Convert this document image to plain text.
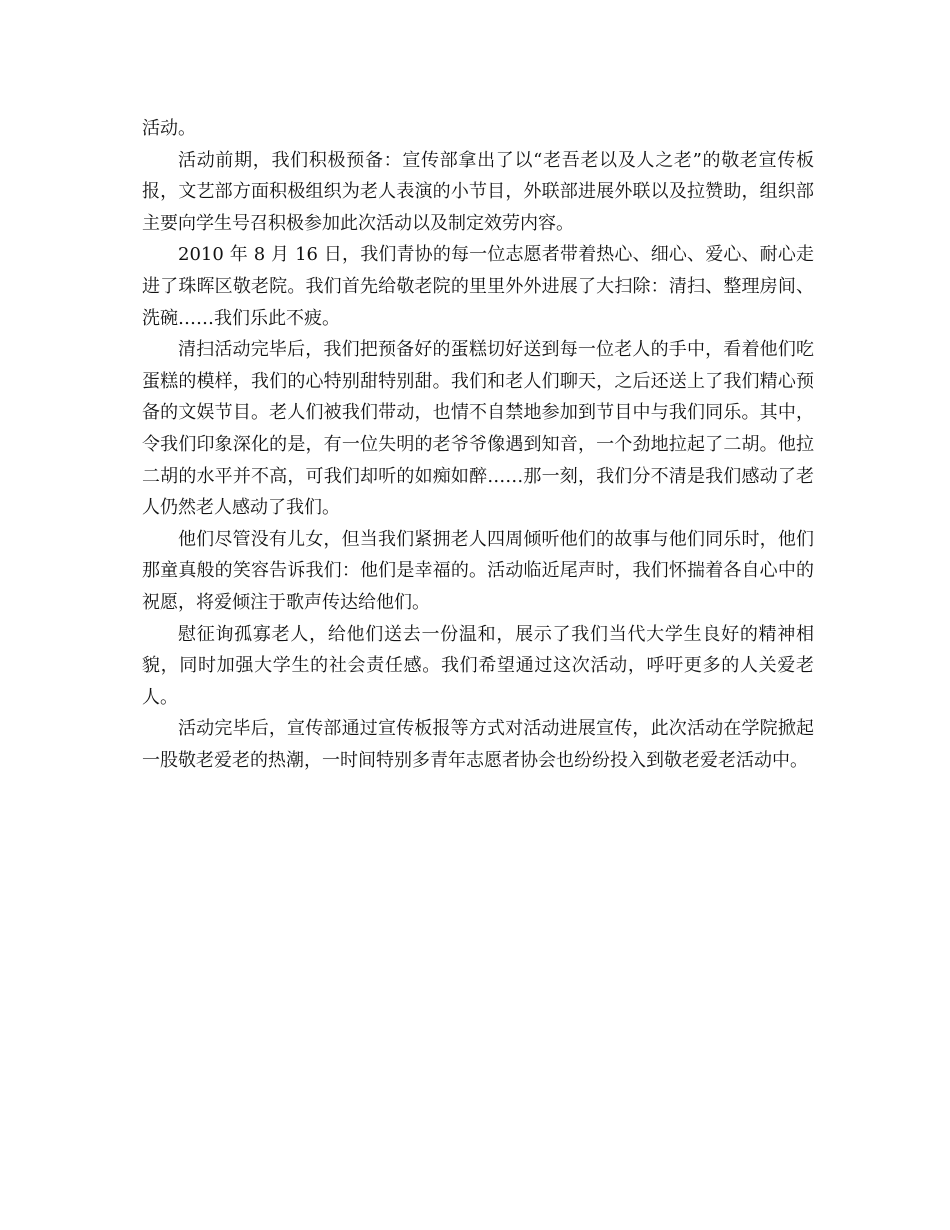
活动。

活动前期，我们积极预备：宣传部拿出了以“老吾老以及人之老”的敬老宣传板报，文艺部方面积极组织为老人表演的小节目，外联部进展外联以及拉赞助，组织部主要向学生号召积极参加此次活动以及制定效劳内容。

2010 年 8 月 16 日，我们青协的每一位志愿者带着热心、细心、爱心、耐心走进了珠晖区敬老院。我们首先给敬老院的里里外外进展了大扫除：清扫、整理房间、洗碗……我们乐此不疲。

清扫活动完毕后，我们把预备好的蛋糕切好送到每一位老人的手中，看着他们吃蛋糕的模样，我们的心特别甜特别甜。我们和老人们聊天，之后还送上了我们精心预备的文娱节目。老人们被我们带动，也情不自禁地参加到节目中与我们同乐。其中，令我们印象深化的是，有一位失明的老爷爷像遇到知音，一个劲地拉起了二胡。他拉二胡的水平并不高，可我们却听的如痴如醉……那一刻，我们分不清是我们感动了老人仍然老人感动了我们。

他们尽管没有儿女，但当我们紧拥老人四周倾听他们的故事与他们同乐时，他们那童真般的笑容告诉我们：他们是幸福的。活动临近尾声时，我们怀揣着各自心中的祝愿，将爱倾注于歌声传达给他们。

慰征询孤寡老人，给他们送去一份温和，展示了我们当代大学生良好的精神相貌，同时加强大学生的社会责任感。我们希望通过这次活动，呼吁更多的人关爱老人。

活动完毕后，宣传部通过宣传板报等方式对活动进展宣传，此次活动在学院掀起一股敬老爱老的热潮，一时间特别多青年志愿者协会也纷纷投入到敬老爱老活动中。
